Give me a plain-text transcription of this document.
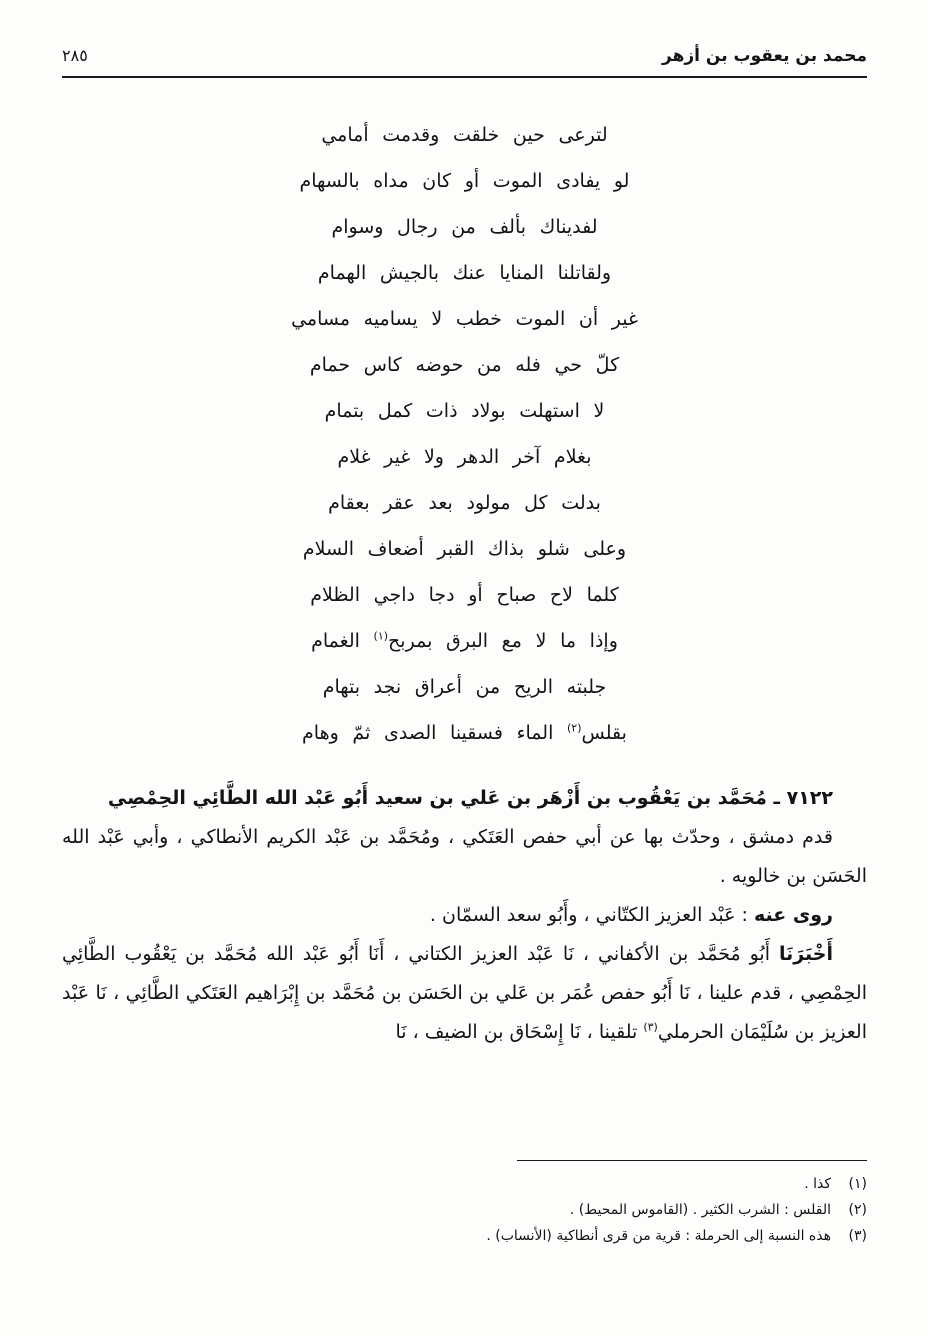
محمد بن يعقوب بن أزهر
٢٨٥

لترعى حين خلقت وقدمت أمامي

لو يفادى الموت أو كان مداه بالسهام

لفديناك بألف من رجال وسوام

ولقاتلنا المنايا عنك بالجيش الهمام

غير أن الموت خطب لا يساميه مسامي

كلّ حي فله من حوضه كاس حمام

لا استهلت بولاد ذات كمل بتمام

بغلام آخر الدهر ولا غير غلام

بدلت كل مولود بعد عقر بعقام

وعلى شلو بذاك القبر أضعاف السلام

كلما لاح صباح أو دجا داجي الظلام

وإذا ما لا مع البرق بمربح$^{(١)}$ الغمام

جلبته الريح من أعراق نجد بتهام

بقلس$^{(٢)}$ الماء فسقينا الصدى ثمّ وهام

٧١٢٢ ـ مُحَمَّد بن يَعْقُوب بن أَزْهَر بن عَلي بن سعيد أَبُو عَبْد الله الطَّائِي الحِمْصِي

قدم دمشق ، وحدّث بها عن أبي حفص العَتَكي ، ومُحَمَّد بن عَبْد الكريم الأنطاكي ، وأبي عَبْد الله الحَسَن بن خالويه .

روى عنه : عَبْد العزيز الكتّاني ، وأَبُو سعد السمّان .

أَخْبَرَنَا أَبُو مُحَمَّد بن الأكفاني ، نَا عَبْد العزيز الكتاني ، أَنَا أَبُو عَبْد الله مُحَمَّد بن يَعْقُوب الطَّائِي الحِمْصِي ، قدم علينا ، نَا أَبُو حفص عُمَر بن عَلي بن الحَسَن بن مُحَمَّد بن إِبْرَاهيم العَتَكي الطَّائِي ، نَا عَبْد العزيز بن سُلَيْمَان الحرملي$^{(٣)}$ تلقينا ، نَا إِسْحَاق بن الضيف ، نَا

(١)
كذا .
(٢)
القلس : الشرب الكثير . (القاموس المحيط) .
(٣)
هذه النسبة إلى الحرملة : قرية من قرى أنطاكية (الأنساب) .
